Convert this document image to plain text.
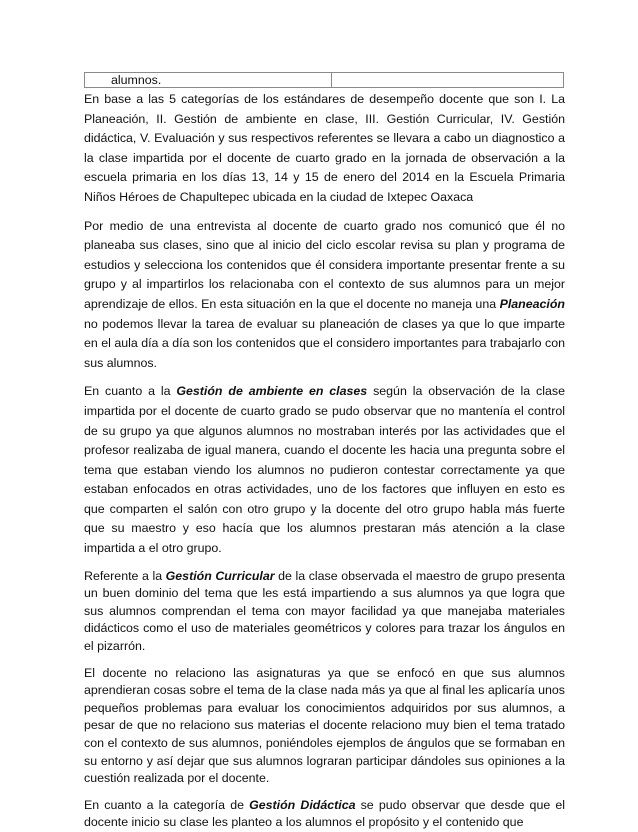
alumnos.

En base a las 5 categorías de los estándares de desempeño docente que son I. La Planeación, II. Gestión de ambiente en clase, III. Gestión Curricular, IV. Gestión didáctica, V. Evaluación y sus respectivos referentes se llevara a cabo un diagnostico a la clase impartida por el docente de cuarto grado en la jornada de observación a la escuela primaria en los días 13, 14 y 15 de enero del 2014 en la Escuela Primaria Niños Héroes de Chapultepec ubicada en la ciudad de Ixtepec Oaxaca

Por medio de una entrevista al docente de cuarto grado nos comunicó que él no planeaba sus clases, sino que al inicio del ciclo escolar revisa su plan y programa de estudios y selecciona los contenidos que él considera importante presentar frente a su grupo y al impartirlos los relacionaba con el contexto de sus alumnos para un mejor aprendizaje de ellos. En esta situación en la que el docente no maneja una Planeación no podemos llevar la tarea de evaluar su planeación de clases ya que lo que imparte en el aula día a día son los contenidos que el considero importantes para trabajarlo con sus alumnos.

En cuanto a la Gestión de ambiente en clases según la observación de la clase impartida por el docente de cuarto grado se pudo observar que no mantenía el control de su grupo ya que algunos alumnos no mostraban interés por las actividades que el profesor realizaba de igual manera, cuando el docente les hacia una pregunta sobre el tema que estaban viendo los alumnos no pudieron contestar correctamente ya que estaban enfocados en otras actividades, uno de los factores que influyen en esto es que comparten el salón con otro grupo y la docente del otro grupo habla más fuerte que su maestro y eso hacía que los alumnos prestaran más atención a la clase impartida a el otro grupo.

Referente a la Gestión Curricular de la clase observada el maestro de grupo presenta un buen dominio del tema que les está impartiendo a sus alumnos ya que logra que sus alumnos comprendan el tema con mayor facilidad ya que manejaba materiales didácticos como el uso de materiales geométricos y colores para trazar los ángulos en el pizarrón.

El docente no relaciono las asignaturas ya que se enfocó en que sus alumnos aprendieran cosas sobre el tema de la clase nada más ya que al final les aplicaría unos pequeños problemas para evaluar los conocimientos adquiridos por sus alumnos, a pesar de que no relaciono sus materias el docente relaciono muy bien el tema tratado con el contexto de sus alumnos, poniéndoles ejemplos de ángulos que se formaban en su entorno y así dejar que sus alumnos lograran participar dándoles sus opiniones a la cuestión realizada por el docente.

En cuanto a la categoría de Gestión Didáctica se pudo observar que desde que el docente inicio su clase les planteo a los alumnos el propósito y el contenido que
